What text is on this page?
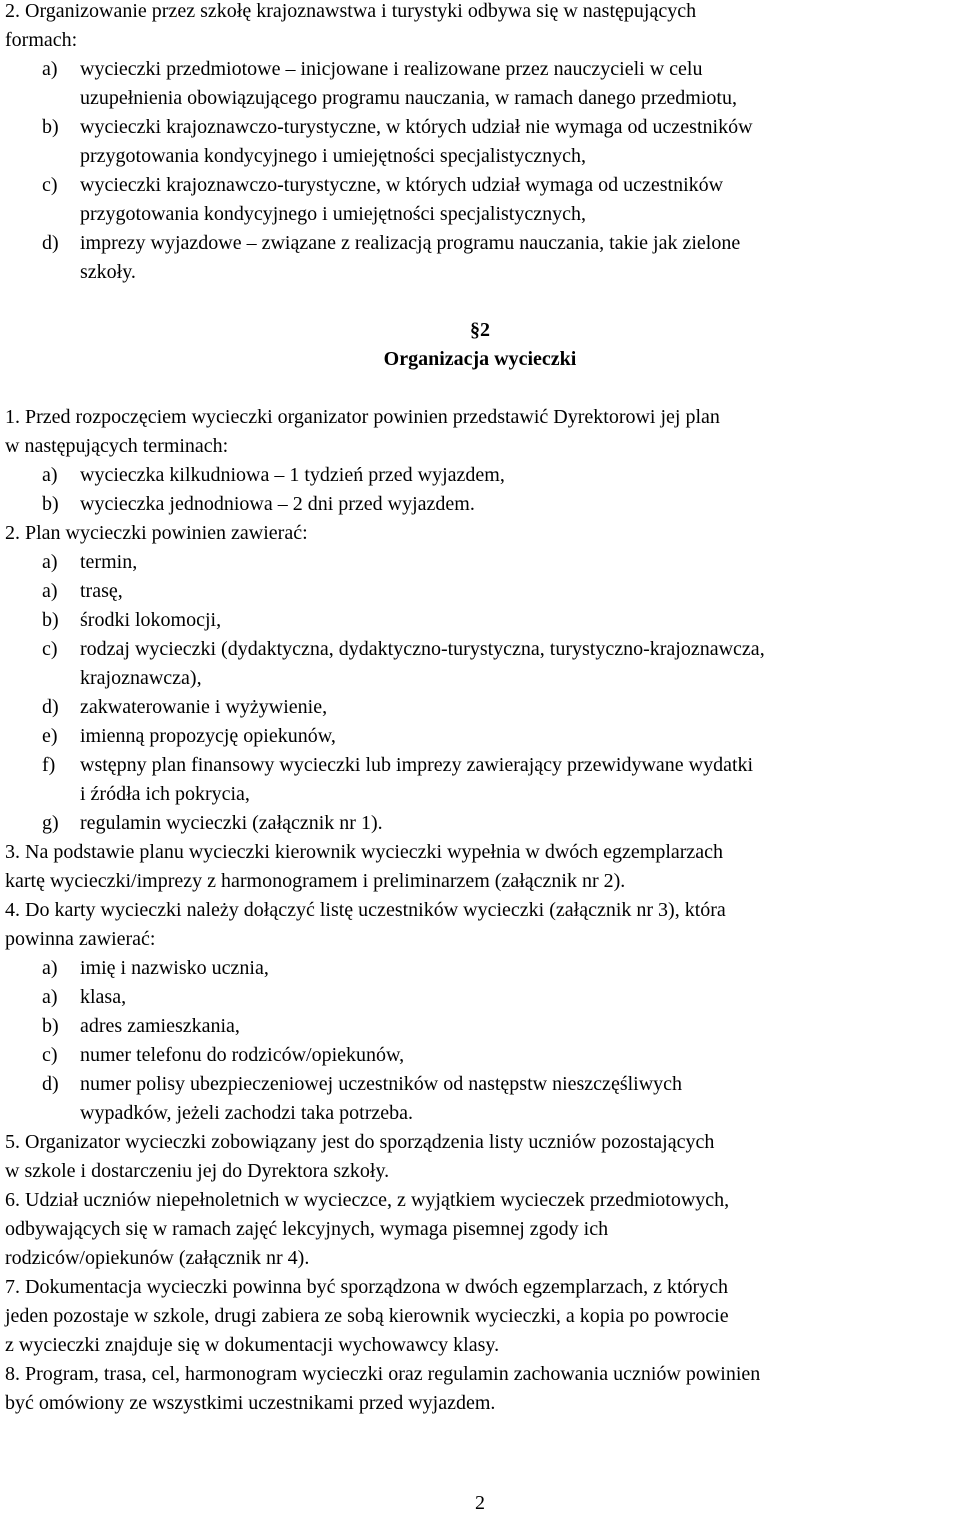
2. Organizowanie przez szkołę krajoznawstwa i turystyki odbywa się w następujących

formach:

a) wycieczki przedmiotowe – inicjowane i realizowane przez nauczycieli w celu

uzupełnienia obowiązującego programu nauczania, w ramach danego przedmiotu,

b) wycieczki krajoznawczo-turystyczne, w których udział nie wymaga od uczestników

przygotowania kondycyjnego i umiejętności specjalistycznych,

c) wycieczki krajoznawczo-turystyczne, w których udział wymaga od uczestników

przygotowania kondycyjnego i umiejętności specjalistycznych,

d) imprezy wyjazdowe – związane z realizacją programu nauczania, takie jak zielone

szkoły.

§2

Organizacja wycieczki

1. Przed rozpoczęciem wycieczki organizator powinien przedstawić Dyrektorowi jej plan

w następujących terminach:

a) wycieczka kilkudniowa – 1 tydzień przed wyjazdem,

b) wycieczka jednodniowa – 2 dni przed wyjazdem.

2. Plan wycieczki powinien zawierać:

a) termin,

a) trasę,

b) środki lokomocji,

c) rodzaj wycieczki (dydaktyczna, dydaktyczno-turystyczna, turystyczno-krajoznawcza,

krajoznawcza),

d) zakwaterowanie i wyżywienie,

e) imienną propozycję opiekunów,

f) wstępny plan finansowy wycieczki lub imprezy zawierający przewidywane wydatki

i źródła ich pokrycia,

g) regulamin wycieczki (załącznik nr 1).

3. Na podstawie planu wycieczki kierownik wycieczki wypełnia w dwóch egzemplarzach

kartę wycieczki/imprezy z harmonogramem i preliminarzem (załącznik nr 2).

4. Do karty wycieczki należy dołączyć listę uczestników wycieczki (załącznik nr 3), która

powinna zawierać:

a) imię i nazwisko ucznia,

a) klasa,

b) adres zamieszkania,

c) numer telefonu do rodziców/opiekunów,

d) numer polisy ubezpieczeniowej uczestników od następstw nieszczęśliwych

wypadków, jeżeli zachodzi taka potrzeba.

5. Organizator wycieczki zobowiązany jest do sporządzenia listy uczniów pozostających

w szkole i dostarczeniu jej do Dyrektora szkoły.

6. Udział uczniów niepełnoletnich w wycieczce, z wyjątkiem wycieczek przedmiotowych,

odbywających się w ramach zajęć lekcyjnych, wymaga pisemnej zgody ich

rodziców/opiekunów (załącznik nr 4).

7. Dokumentacja wycieczki powinna być sporządzona w dwóch egzemplarzach, z których

jeden pozostaje w szkole, drugi zabiera ze sobą kierownik wycieczki, a kopia po powrocie

z wycieczki znajduje się w dokumentacji wychowawcy klasy.

8. Program, trasa, cel, harmonogram wycieczki oraz regulamin zachowania uczniów powinien

być omówiony ze wszystkimi uczestnikami przed wyjazdem.

2
